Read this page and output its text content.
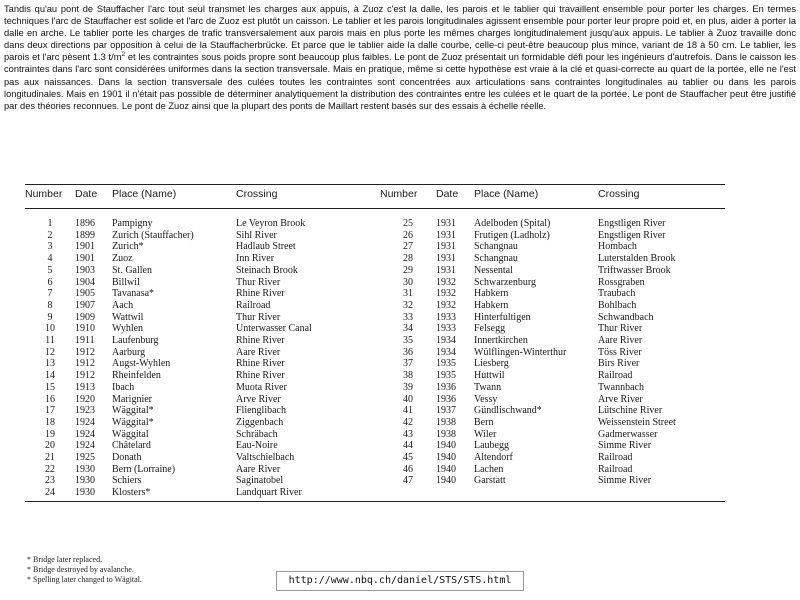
Tandis qu'au pont de Stauffacher l'arc tout seul transmet les charges aux appuis, à Zuoz c'est la dalle, les parois et le tablier qui travaillent ensemble pour porter les charges. En termes techniques l'arc de Stauffacher est solide et l'arc de Zuoz est plutôt un caisson. Le tablier et les parois longitudinales agissent ensemble pour porter leur propre poid et, en plus, aider à porter la dalle en arche. Le tablier porte les charges de trafic transversalement aux parois mais en plus porte les mêmes charges longitudinalement jusqu'aux appuis. Le tablier à Zuoz travaille donc dans deux directions par opposition à celui de la Stauffacherbrücke. Et parce que le tablier aide la dalle courbe, celle-ci peut-être beaucoup plus mince, variant de 18 à 50 cm. Le tablier, les parois et l'arc pèsent 1.3 $t/m^2$ et les contraintes sous poids propre sont beaucoup plus faibles. Le pont de Zuoz présentait un formidable défi pour les ingénieurs d'autrefois. Dans le caisson les contraintes dans l'arc sont considérées uniformes dans la section transversale. Mais en pratique, même si cette hypothèse est vraie à la clé et quasi-correcte au quart de la portée, elle ne l'est pas aux naissances. Dans la section transversale des culées toutes les contraintes sont concentrées aux articulations sans contraintes longitudinales au tablier ou dans les parois longitudinales. Mais en 1901 il n'était pas possible de déterminer analytiquement la distribution des contraintes entre les culées et le quart de la portée. Le pont de Stauffacher peut être justifié par des théories reconnues. Le pont de Zuoz ainsi que la plupart des ponts de Maillart restent basés sur des essais à échelle réelle.

Number	Date	Place (Name)	Crossing	Number	Date	Place (Name)	Crossing
1	1896	Pampigny	Le Veyron Brook	25	1931	Adelboden (Spital)	Engstligen River
2	1899	Zurich (Stauffacher)	Sihl River	26	1931	Frutigen (Ladholz)	Engstligen River
3	1901	Zurich*	Hadlaub Street	27	1931	Schangnau	Hombach
4	1901	Zuoz	Inn River	28	1931	Schangnau	Luterstalden Brook
5	1903	St. Gallen	Steinach Brook	29	1931	Nessental	Triftwasser Brook
6	1904	Billwil	Thur River	30	1932	Schwarzenburg	Rossgraben
7	1905	Tavanasa*	Rhine River	31	1932	Habkern	Traubach
8	1907	Aach	Railroad	32	1932	Habkern	Bohlbach
9	1909	Wattwil	Thur River	33	1933	Hinterfultigen	Schwandbach
10	1910	Wyhlen	Unterwasser Canal	34	1933	Felsegg	Thur River
11	1911	Laufenburg	Rhine River	35	1934	Innertkirchen	Aare River
12	1912	Aarburg	Aare River	36	1934	Wülflingen-Winterthur	Töss River
13	1912	Augst-Wyhlen	Rhine River	37	1935	Liesberg	Birs River
14	1912	Rheinfelden	Rhine River	38	1935	Huttwil	Railroad
15	1913	Ibach	Muota River	39	1936	Twann	Twannbach
16	1920	Marignier	Arve River	40	1936	Vessy	Arve River
17	1923	Wäggital*	Flienglibach	41	1937	Gündlischwand*	Lütschine River
18	1924	Wäggital*	Ziggenbach	42	1938	Bern	Weissenstein Street
19	1924	Wäggital	Schräbach	43	1938	Wiler	Gadmerwasser
20	1924	Châtelard	Eau-Noire	44	1940	Laubegg	Simme River
21	1925	Donath	Valtschielbach	45	1940	Altendorf	Railroad
22	1930	Bern (Lorraine)	Aare River	46	1940	Lachen	Railroad
23	1930	Schiers	Saginatobel	47	1940	Garstatt	Simme River
24	1930	Klosters*	Landquart River				
* Bridge later replaced.
* Bridge destroyed by avalanche.
* Spelling later changed to Wägital.	http://www.nbq.ch/daniel/STS/STS.html
